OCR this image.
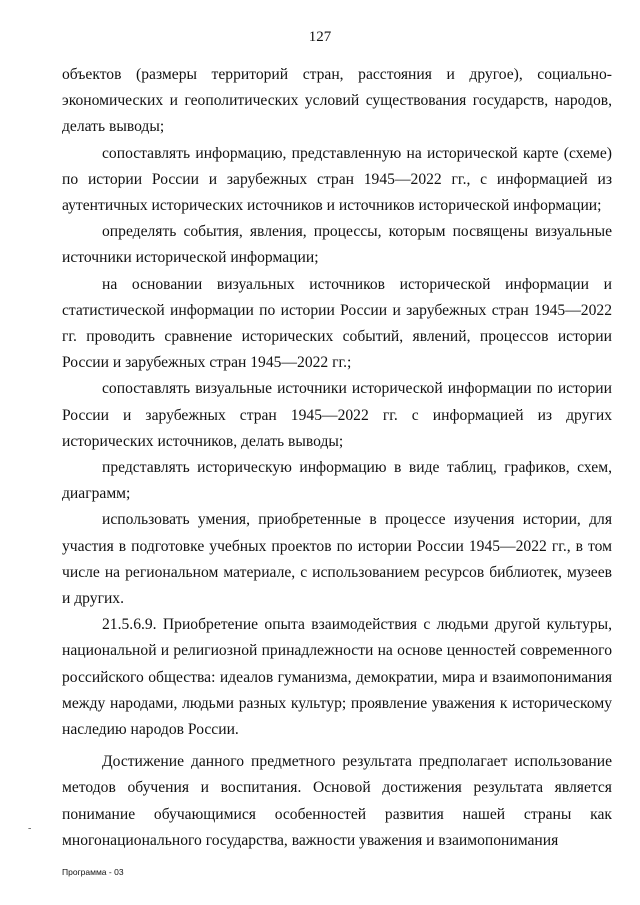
127

объектов (размеры территорий стран, расстояния и другое), социально-экономических и геополитических условий существования государств, народов, делать выводы;

сопоставлять информацию, представленную на исторической карте (схеме) по истории России и зарубежных стран 1945—2022 гг., с информацией из аутентичных исторических источников и источников исторической информации;

определять события, явления, процессы, которым посвящены визуальные источники исторической информации;

на основании визуальных источников исторической информации и статистической информации по истории России и зарубежных стран 1945—2022 гг. проводить сравнение исторических событий, явлений, процессов истории России и зарубежных стран 1945—2022 гг.;

сопоставлять визуальные источники исторической информации по истории России и зарубежных стран 1945—2022 гг. с информацией из других исторических источников, делать выводы;

представлять историческую информацию в виде таблиц, графиков, схем, диаграмм;

использовать умения, приобретенные в процессе изучения истории, для участия в подготовке учебных проектов по истории России 1945—2022 гг., в том числе на региональном материале, с использованием ресурсов библиотек, музеев и других.

21.5.6.9. Приобретение опыта взаимодействия с людьми другой культуры, национальной и религиозной принадлежности на основе ценностей современного российского общества: идеалов гуманизма, демократии, мира и взаимопонимания между народами, людьми разных культур; проявление уважения к историческому наследию народов России.

Достижение данного предметного результата предполагает использование методов обучения и воспитания. Основой достижения результата является понимание обучающимися особенностей развития нашей страны как многонационального государства, важности уважения и взаимопонимания

-
Программа - 03
